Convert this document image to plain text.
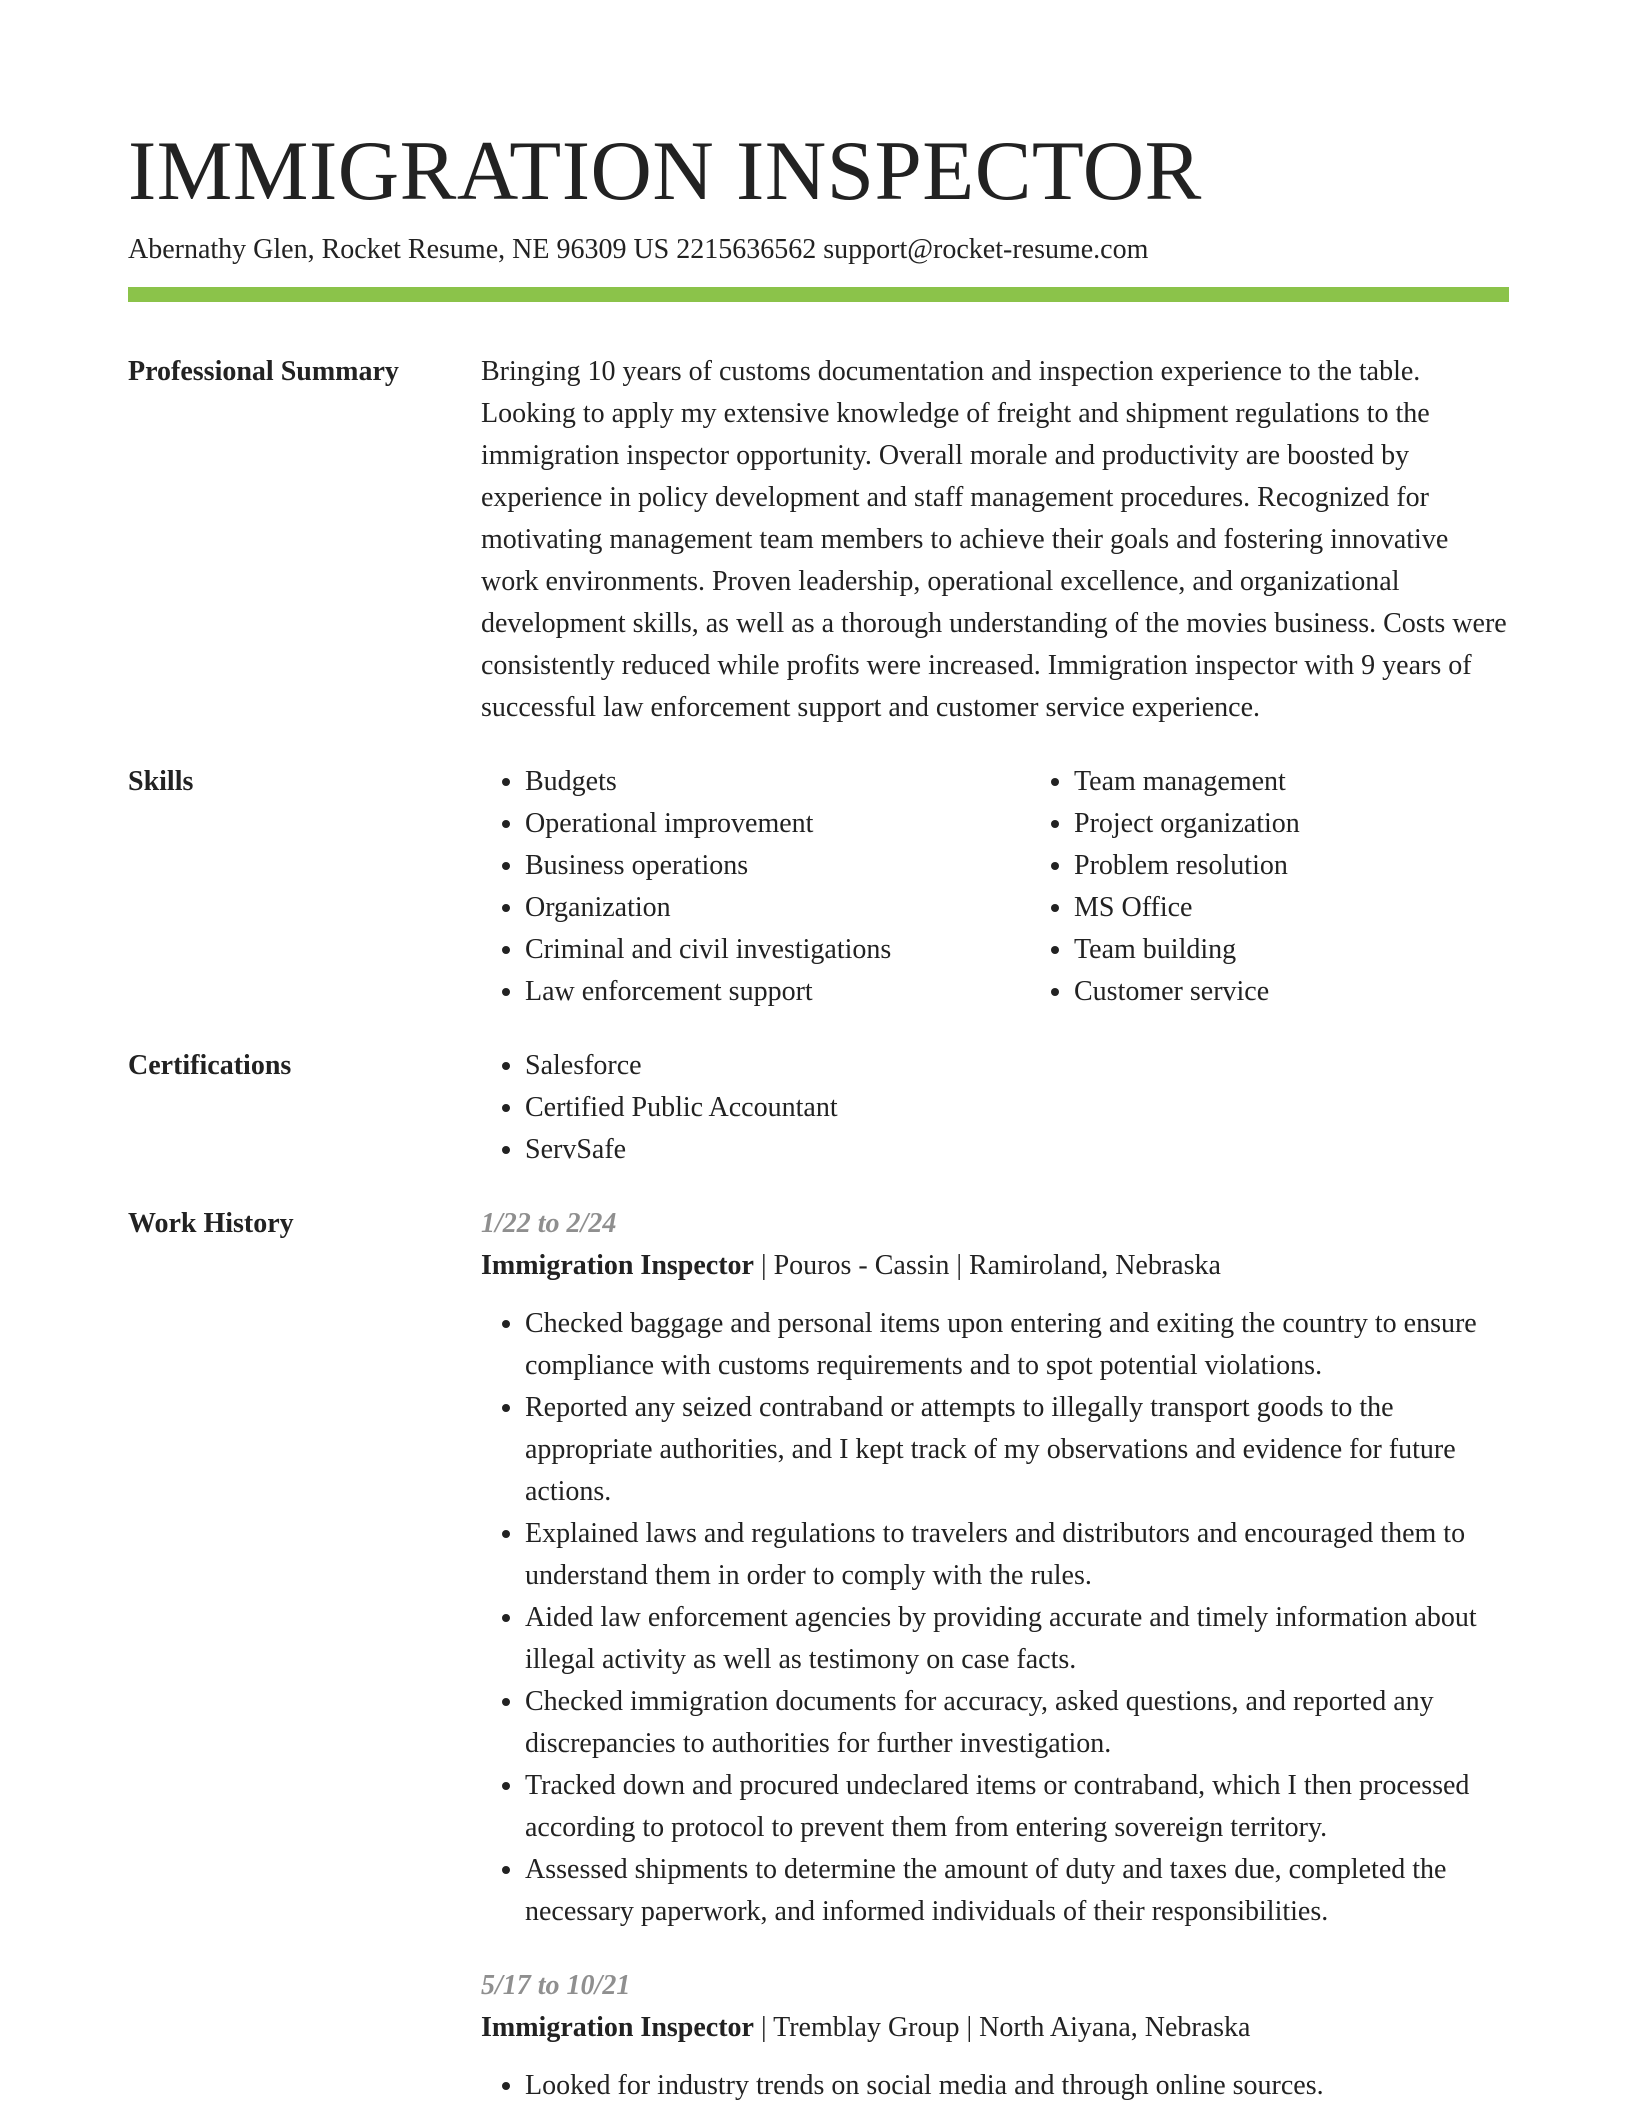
IMMIGRATION INSPECTOR
Abernathy Glen, Rocket Resume, NE 96309 US 2215636562 support@rocket-resume.com
Professional Summary	Bringing 10 years of customs documentation and inspection experience to the table. Looking to apply my extensive knowledge of freight and shipment regulations to the immigration inspector opportunity. Overall morale and productivity are boosted by experience in policy development and staff management procedures. Recognized for motivating management team members to achieve their goals and fostering innovative work environments. Proven leadership, operational excellence, and organizational development skills, as well as a thorough understanding of the movies business. Costs were consistently reduced while profits were increased. Immigration inspector with 9 years of successful law enforcement support and customer service experience.

Skills	• Budgets
• Operational improvement
• Business operations
• Organization
• Criminal and civil investigations
• Law enforcement support
• Team management
• Project organization
• Problem resolution
• MS Office
• Team building
• Customer service
Certifications	• Salesforce
• Certified Public Accountant
• ServSafe
Work History	1/22 to 2/24
Immigration Inspector | Pouros - Cassin | Ramiroland, Nebraska
• Checked baggage and personal items upon entering and exiting the country to ensure compliance with customs requirements and to spot potential violations.
• Reported any seized contraband or attempts to illegally transport goods to the appropriate authorities, and I kept track of my observations and evidence for future actions.
• Explained laws and regulations to travelers and distributors and encouraged them to understand them in order to comply with the rules.
• Aided law enforcement agencies by providing accurate and timely information about illegal activity as well as testimony on case facts.
• Checked immigration documents for accuracy, asked questions, and reported any discrepancies to authorities for further investigation.
• Tracked down and procured undeclared items or contraband, which I then processed according to protocol to prevent them from entering sovereign territory.
• Assessed shipments to determine the amount of duty and taxes due, completed the necessary paperwork, and informed individuals of their responsibilities.
5/17 to 10/21
Immigration Inspector | Tremblay Group | North Aiyana, Nebraska
• Looked for industry trends on social media and through online sources.
